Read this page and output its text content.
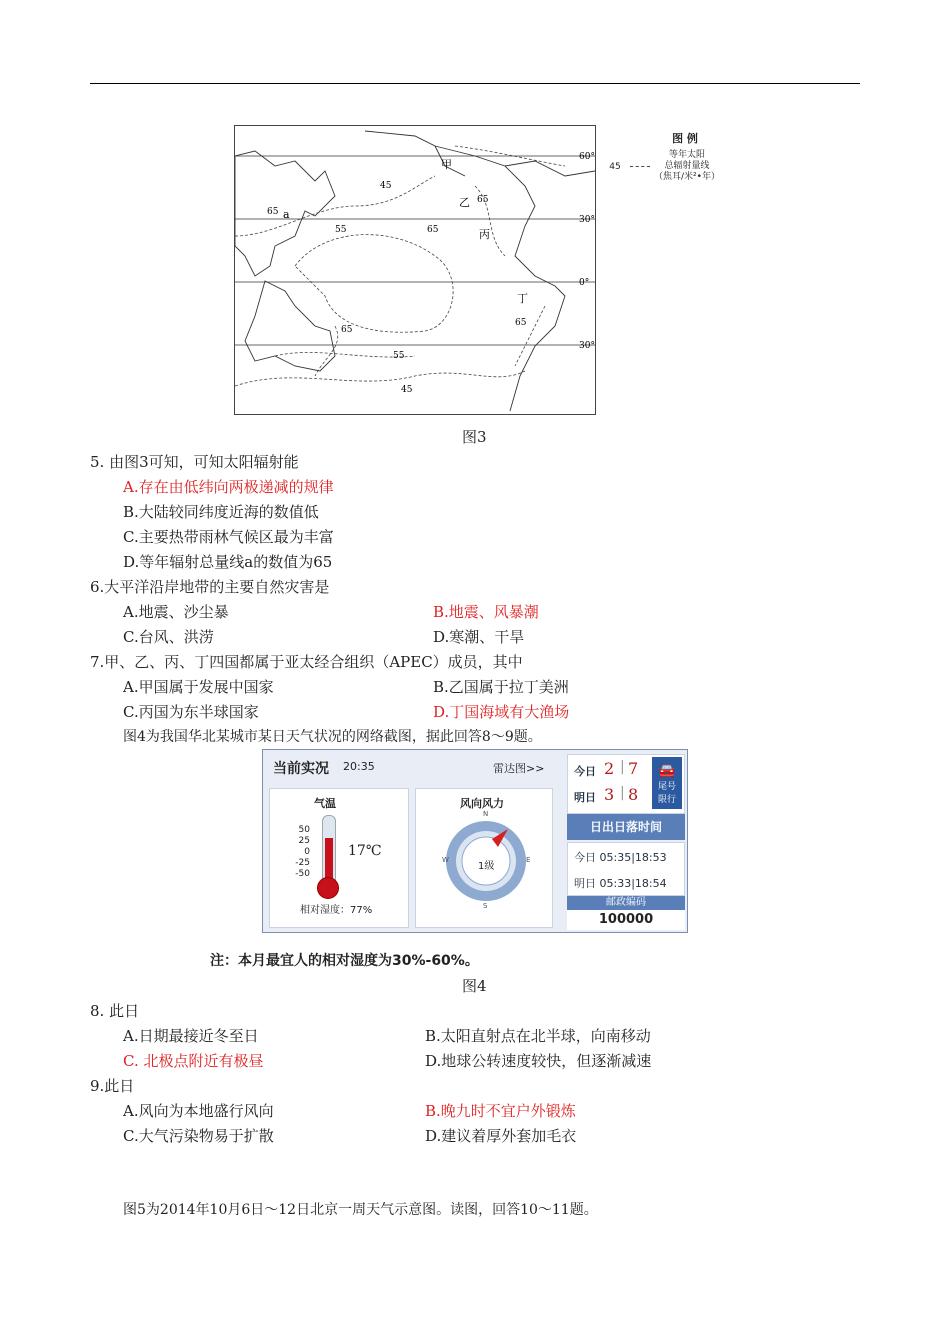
60°
30°
0°
30°
甲
乙
丙
丁
a
45
65
55	65
65
65
65
55
45
图 例
45
等年太阳
总辐射量线
（焦耳/米²•年）
图3
5. 由图3可知，可知太阳辐射能
A.存在由低纬向两极递减的规律
B.大陆较同纬度近海的数值低
C.主要热带雨林气候区最为丰富
D.等年辐射总量线a的数值为65
6.大平洋沿岸地带的主要自然灾害是
A.地震、沙尘暴	B.地震、风暴潮
C.台风、洪涝	D.寒潮、干旱
7.甲、乙、丙、丁四国都属于亚太经合组织（APEC）成员，其中
A.甲国属于发展中国家	B.乙国属于拉丁美洲
C.丙国为东半球国家	D.丁国海域有大渔场
图4为我国华北某城市某日天气状况的网络截图，据此回答8～9题。
当前实况 20:35	雷达图>>
气温
50
25
0
-25
-50
17℃
相对湿度：77%
风向风力
1级
N
S
W	E
今日 2 | 7
明日 3 | 8
🚘
尾号
限行
日出日落时间
今日 05:35|18:53
明日 05:33|18:54
邮政编码
100000
注：本月最宜人的相对湿度为30%-60%。
图4
8. 此日
A.日期最接近冬至日	B.太阳直射点在北半球，向南移动
C. 北极点附近有极昼	D.地球公转速度较快，但逐渐减速
9.此日
A.风向为本地盛行风向	B.晚九时不宜户外锻炼
C.大气污染物易于扩散	D.建议着厚外套加毛衣
图5为2014年10月6日～12日北京一周天气示意图。读图，回答10～11题。
